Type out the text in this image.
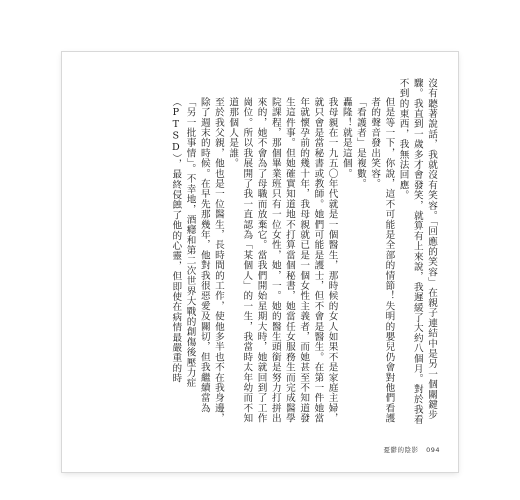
沒有聽著說話，我就沒有笑容。「回應的笑容」在親子連結中是另一個關鍵步驟。我直到一歲多才會發笑，就算有上來說，我遲緩了大約八個月。對於我看不到的東西，我無法回應。

但是等一下，你說，這不可能是全部的情節！失明的嬰兒仍會對他們看護者的聲音發出笑容。

「看護者」是複數。

轟隆！就是這個。

我母親在一九五〇年代就是一個醫生，那時候的女人如果不是家庭主婦，就只會是當秘書或教師。她們可能是護士，但不會是醫生。在第一件她當年就懷孕前的幾十年，我母親就已是一個女性主義者，而她甚至不知道發生這件事。但她確實知道地不打算當個秘書，她當任女服務生而完成醫學院課程，那個畢業班只有一位女性，她，一。她的醫生頭銜是努力打拼出來的，她不會為了母職而放棄它。當我們開始星期大時，她就回到了工作崗位。所以我展開了我一直認為「某個人」的一生，我當時太年幼而不知道那個人是誰。

至於我父親，他也是一位醫生，長時間的工作，使他多半也不在我身邊，除了週末的時候。在早先那幾年，他對我很惡愛及關切，但我繼續當為「另一批事情」。不幸地，酒癮和第二次世界大戰的創傷後壓力症（PTSD），最終侵蝕了他的心靈，但即使在病情最嚴重的時

憂鬱的陰影 094
